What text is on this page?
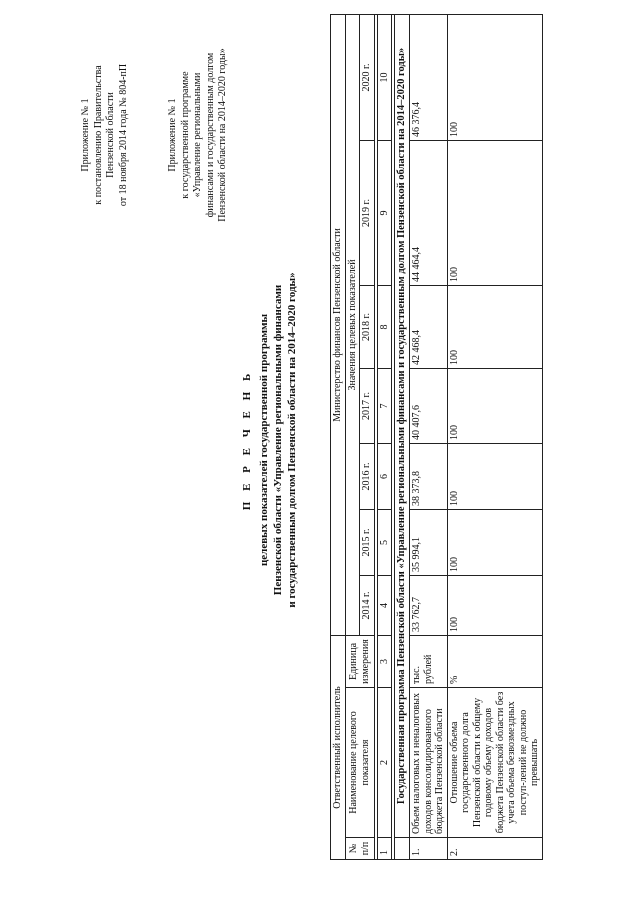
Приложение № 1 к постановлению Правительства Пензенской области от 18 ноября 2014 года № 804-пП	Приложение № 1 к государственной программе «Управление региональными финансами и государственным долгом Пензенской области на 2014–2020 годы»
П Е Р Е Ч Е Н Ь целевых показателей государственной программы Пензенской области «Управление региональными финансами и государственным долгом Пензенской области на 2014–2020 годы»
Ответственный исполнитель			Министерство финансов Пензенской области						
№ п/п	Наименование целевого показателя	Единица измерения	Значения целевых показателей						
			2014 г.	2015 г.	2016 г.	2017 г.	2018 г.	2019 г.	2020 г.

1	2	3	4	5	6	7	8	9	10

	Государственная программа Пензенской области «Управление региональными финансами и государственным долгом Пензенской области на 2014–2020 годы»								
1.	Объем налоговых и неналоговых доходов консолидированного бюджета Пензенской области	тыс. рублей	33 762,7	35 994,1	38 373,8	40 407,6	42 468,4	44 464,4	46 376,4
2.	Отношение объема государственного долга Пензенской области к общему годовому объему доходов бюджета Пензенской области без учета объема безвозмездных поступ-лений не должно превышать	%	100	100	100	100	100	100	100
